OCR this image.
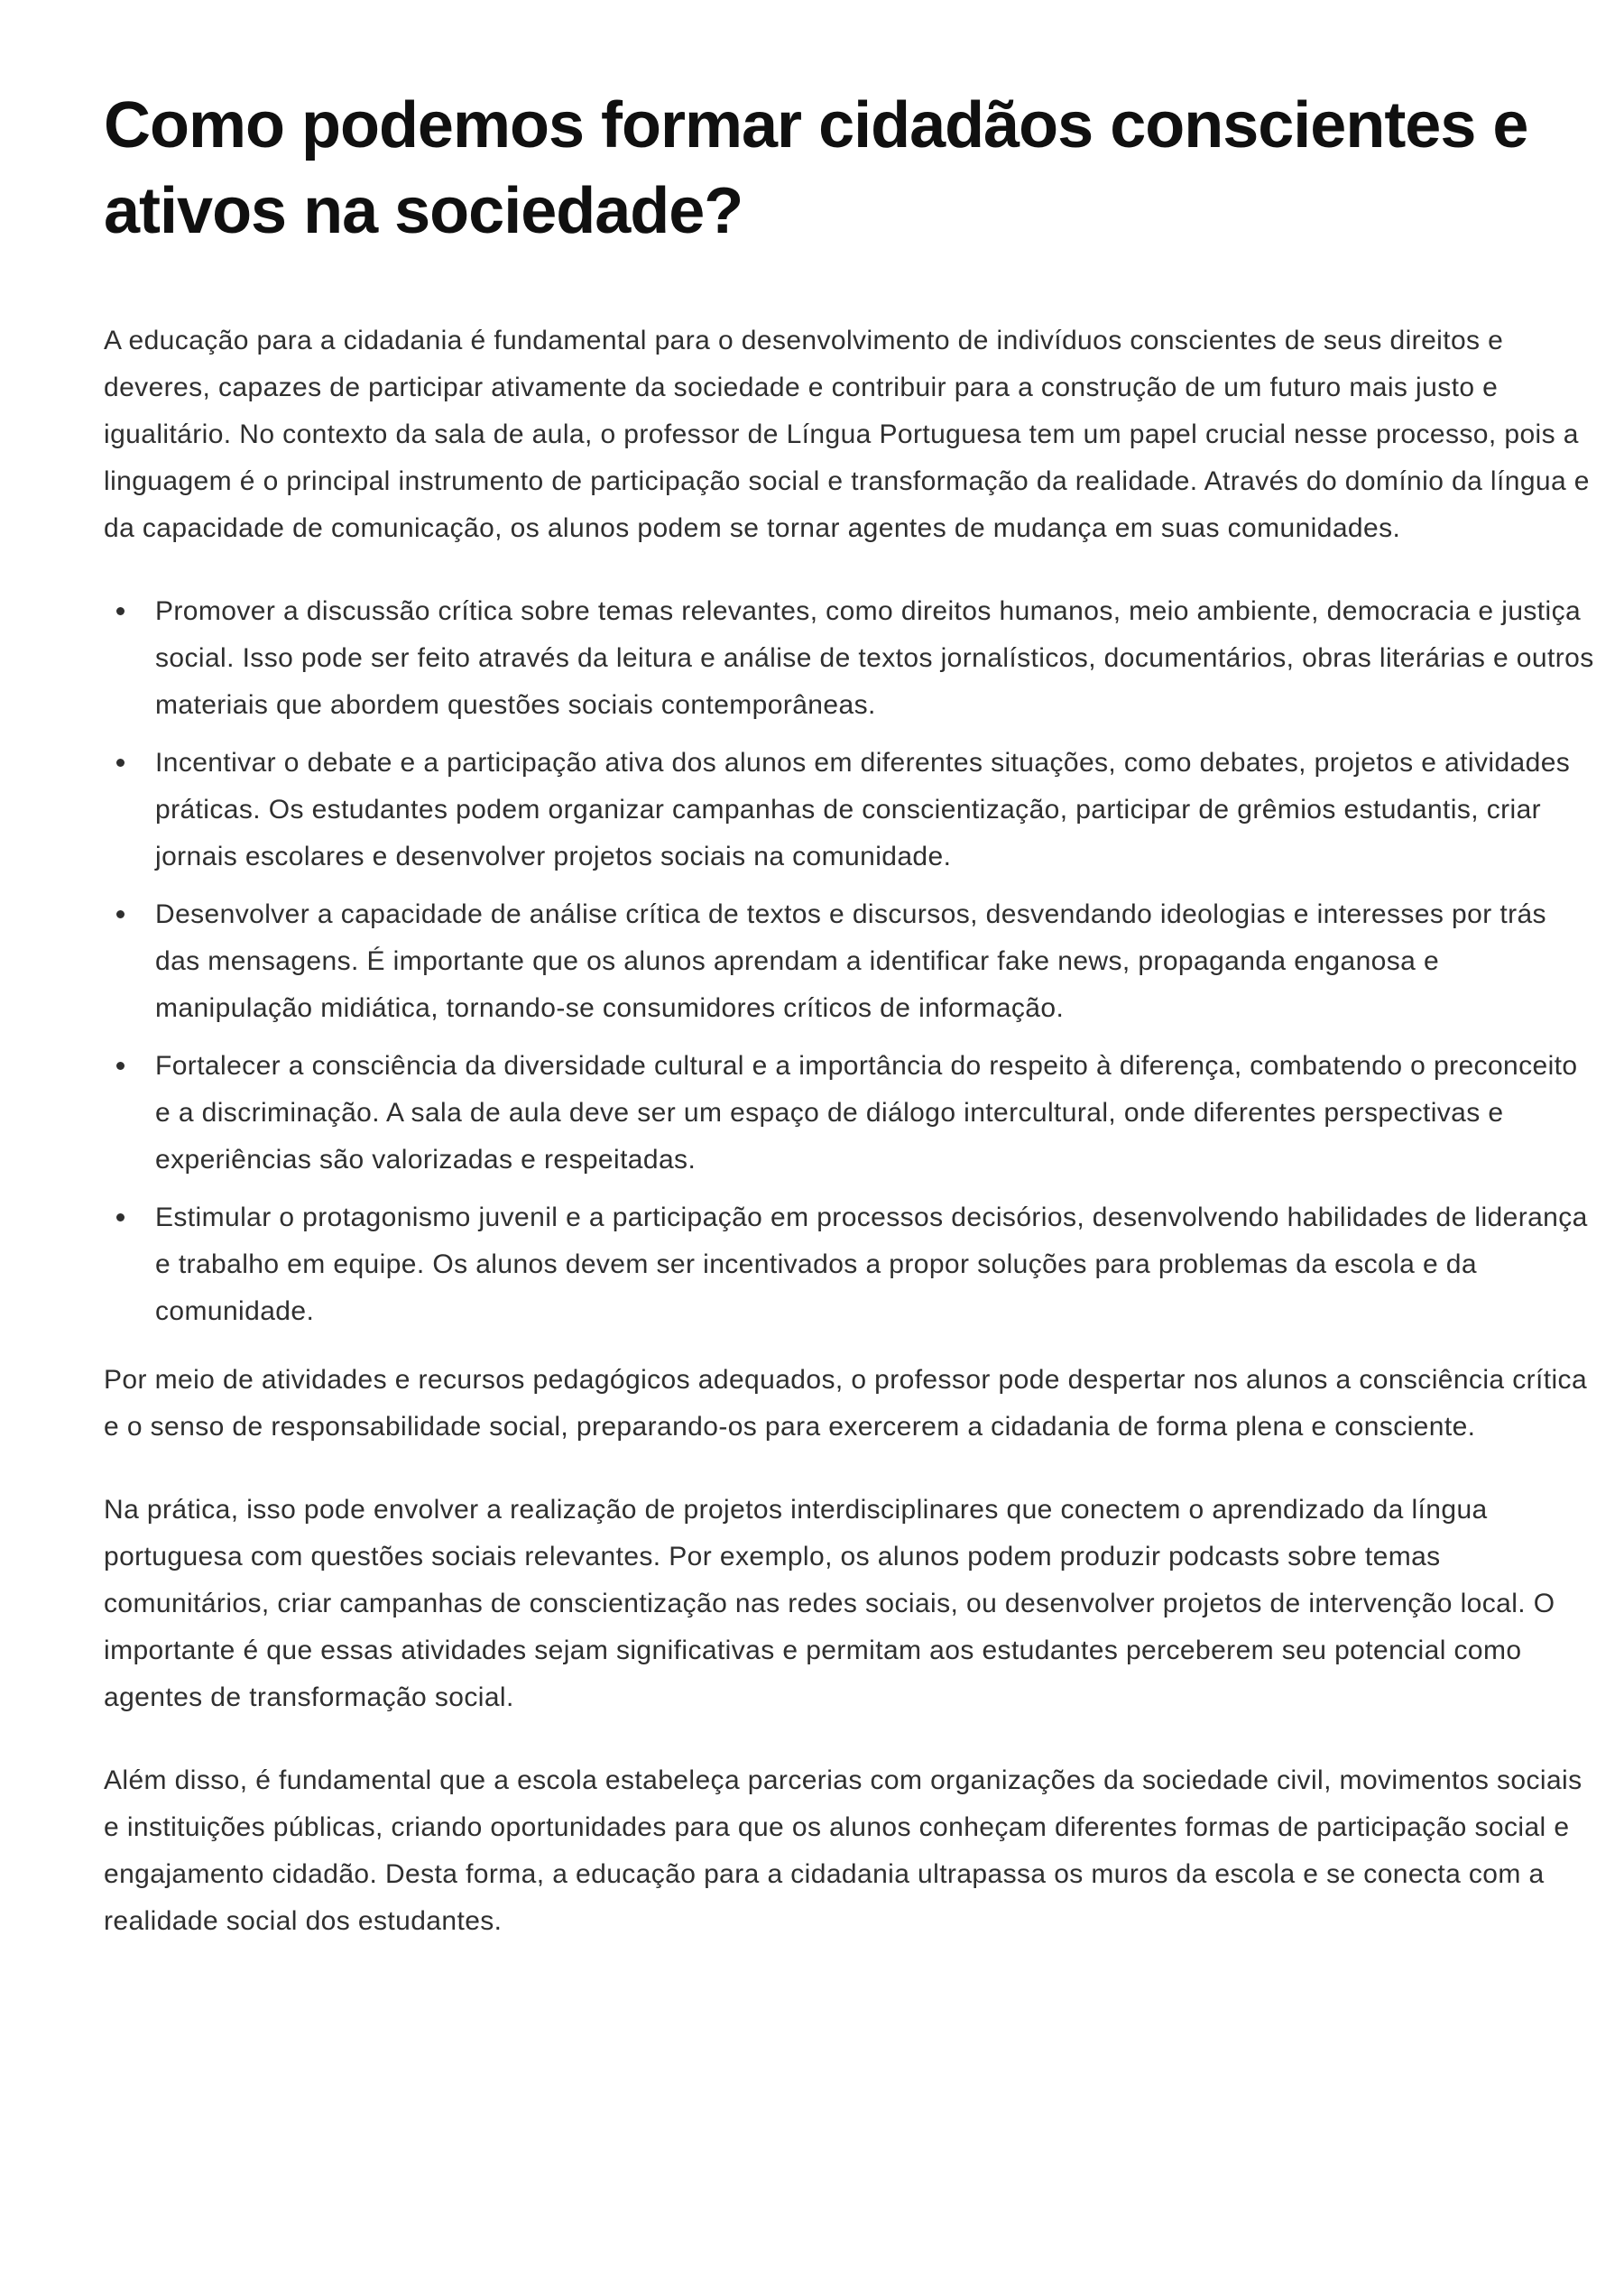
Como podemos formar cidadãos conscientes e ativos na sociedade?

A educação para a cidadania é fundamental para o desenvolvimento de indivíduos conscientes de seus direitos e deveres, capazes de participar ativamente da sociedade e contribuir para a construção de um futuro mais justo e igualitário. No contexto da sala de aula, o professor de Língua Portuguesa tem um papel crucial nesse processo, pois a linguagem é o principal instrumento de participação social e transformação da realidade. Através do domínio da língua e da capacidade de comunicação, os alunos podem se tornar agentes de mudança em suas comunidades.

Promover a discussão crítica sobre temas relevantes, como direitos humanos, meio ambiente, democracia e justiça social. Isso pode ser feito através da leitura e análise de textos jornalísticos, documentários, obras literárias e outros materiais que abordem questões sociais contemporâneas.
Incentivar o debate e a participação ativa dos alunos em diferentes situações, como debates, projetos e atividades práticas. Os estudantes podem organizar campanhas de conscientização, participar de grêmios estudantis, criar jornais escolares e desenvolver projetos sociais na comunidade.
Desenvolver a capacidade de análise crítica de textos e discursos, desvendando ideologias e interesses por trás das mensagens. É importante que os alunos aprendam a identificar fake news, propaganda enganosa e manipulação midiática, tornando-se consumidores críticos de informação.
Fortalecer a consciência da diversidade cultural e a importância do respeito à diferença, combatendo o preconceito e a discriminação. A sala de aula deve ser um espaço de diálogo intercultural, onde diferentes perspectivas e experiências são valorizadas e respeitadas.
Estimular o protagonismo juvenil e a participação em processos decisórios, desenvolvendo habilidades de liderança e trabalho em equipe. Os alunos devem ser incentivados a propor soluções para problemas da escola e da comunidade.

Por meio de atividades e recursos pedagógicos adequados, o professor pode despertar nos alunos a consciência crítica e o senso de responsabilidade social, preparando-os para exercerem a cidadania de forma plena e consciente.

Na prática, isso pode envolver a realização de projetos interdisciplinares que conectem o aprendizado da língua portuguesa com questões sociais relevantes. Por exemplo, os alunos podem produzir podcasts sobre temas comunitários, criar campanhas de conscientização nas redes sociais, ou desenvolver projetos de intervenção local. O importante é que essas atividades sejam significativas e permitam aos estudantes perceberem seu potencial como agentes de transformação social.

Além disso, é fundamental que a escola estabeleça parcerias com organizações da sociedade civil, movimentos sociais e instituições públicas, criando oportunidades para que os alunos conheçam diferentes formas de participação social e engajamento cidadão. Desta forma, a educação para a cidadania ultrapassa os muros da escola e se conecta com a realidade social dos estudantes.
